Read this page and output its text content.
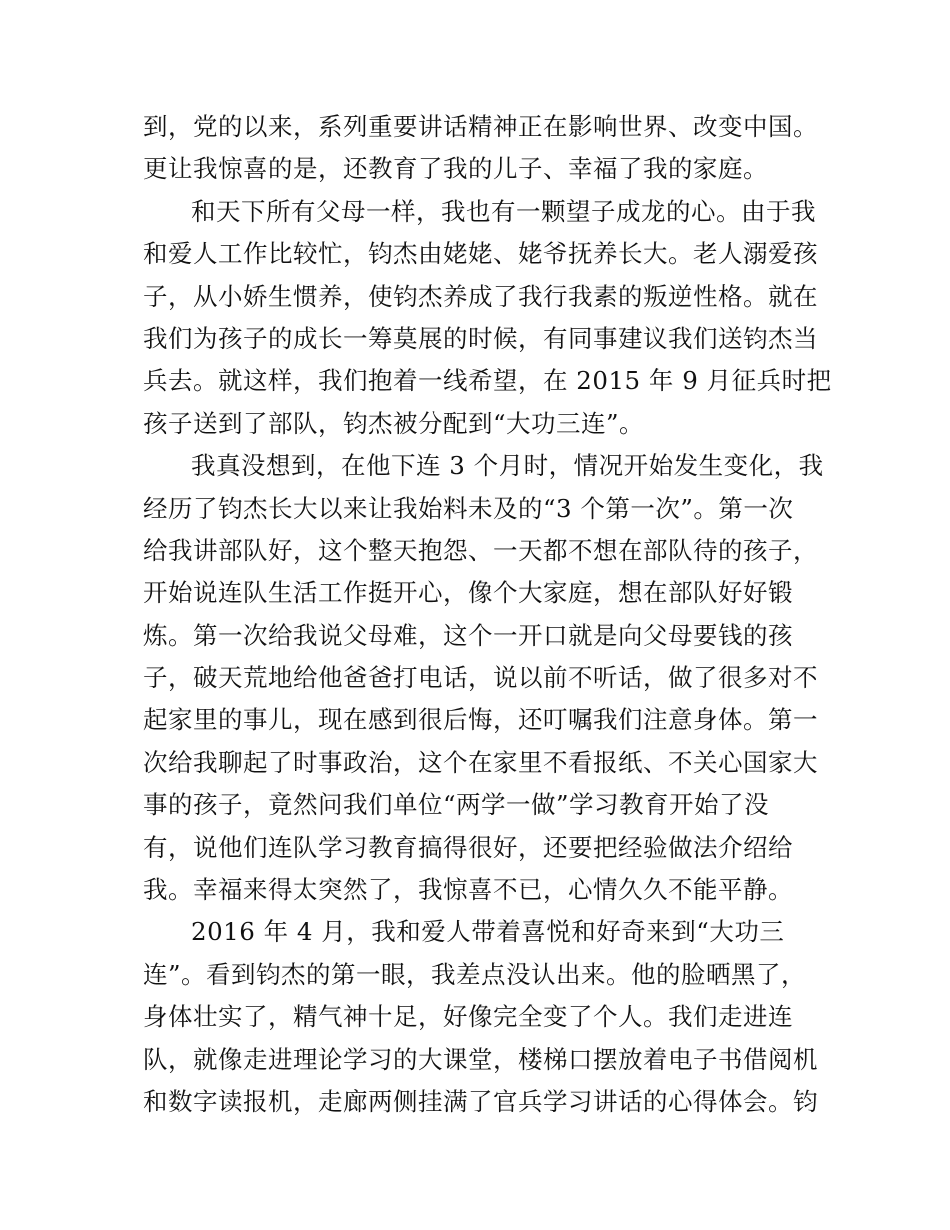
到，党的以来，系列重要讲话精神正在影响世界、改变中国。
更让我惊喜的是，还教育了我的儿子、幸福了我的家庭。
和天下所有父母一样，我也有一颗望子成龙的心。由于我
和爱人工作比较忙，钧杰由姥姥、姥爷抚养长大。老人溺爱孩
子，从小娇生惯养，使钧杰养成了我行我素的叛逆性格。就在
我们为孩子的成长一筹莫展的时候，有同事建议我们送钧杰当
兵去。就这样，我们抱着一线希望，在 2015 年 9 月征兵时把
孩子送到了部队，钧杰被分配到“大功三连”。
我真没想到，在他下连 3 个月时，情况开始发生变化，我
经历了钧杰长大以来让我始料未及的“3 个第一次”。第一次
给我讲部队好，这个整天抱怨、一天都不想在部队待的孩子，
开始说连队生活工作挺开心，像个大家庭，想在部队好好锻
炼。第一次给我说父母难，这个一开口就是向父母要钱的孩
子，破天荒地给他爸爸打电话，说以前不听话，做了很多对不
起家里的事儿，现在感到很后悔，还叮嘱我们注意身体。第一
次给我聊起了时事政治，这个在家里不看报纸、不关心国家大
事的孩子，竟然问我们单位“两学一做”学习教育开始了没
有，说他们连队学习教育搞得很好，还要把经验做法介绍给
我。幸福来得太突然了，我惊喜不已，心情久久不能平静。
2016 年 4 月，我和爱人带着喜悦和好奇来到“大功三
连”。看到钧杰的第一眼，我差点没认出来。他的脸晒黑了，
身体壮实了，精气神十足，好像完全变了个人。我们走进连
队，就像走进理论学习的大课堂，楼梯口摆放着电子书借阅机
和数字读报机，走廊两侧挂满了官兵学习讲话的心得体会。钧
